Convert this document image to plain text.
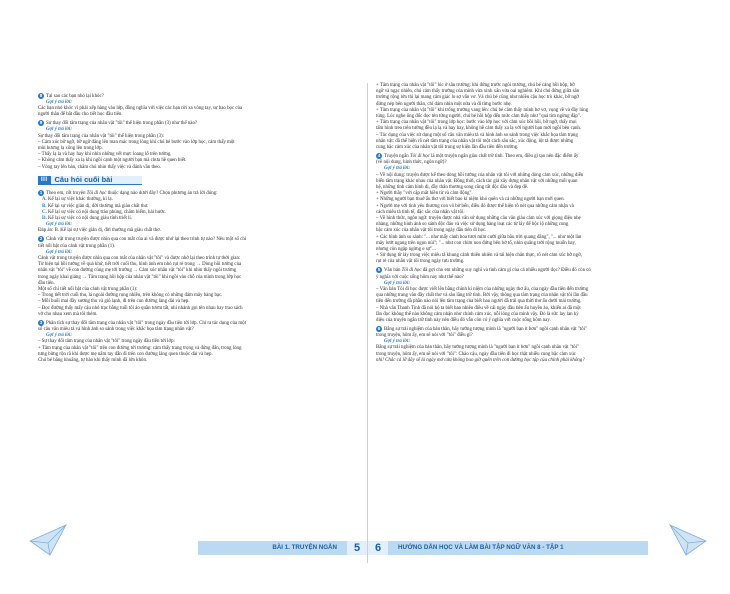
8 Tại sao các bạn nhỏ lại khóc?
Gợi ý trả lời:
Các bạn nhỏ khóc vì phải xếp hàng vào lớp, đồng nghĩa với việc các bạn rời xa vòng tay, sự bao bọc của
người thân để bắt đầu cho tiết học đầu tiên.
9 Sự thay đổi tâm trạng của nhân vật "tôi" thể hiện trong phần (3) như thế nào?
Gợi ý trả lời:
Sự thay đổi tâm trạng của nhân vật "tôi" thể hiện trong phần (3):
– Cảm xúc bỡ ngỡ, bỡ ngỡ đăng lên man mác trong lòng khi chú bé bước vào lớp học, cảm thấy một
mùi hương lạ xông lên trong lớp.
– Thấy lạ lạ và hay hay khi nhìn những vết mực loang lổ trên tường.
– Không cảm thấy xa lạ khi ngồi cạnh một người bạn mà chưa hề quen biết.
– Vòng tay lên bàn, chăm chú nhìn thấy việc và đánh vần theo.
III Câu hỏi cuối bài
1 Theo em, cốt truyện Tôi đi học thuộc dạng nào dưới đây? Chọn phương án trả lời đúng:
A. Kể lại sự việc khác thường, kì lạ.
B. Kể lại sự việc giản dị, đời thường mà giàu chất thơ.
C. Kể lại sự việc có nội dung trào phúng, châm biếm, hài hước.
D. Kể lại sự việc có nội dung giàu tính triết lí.
Gợi ý trả lời:
Đáp án: B. Kể lại sự việc giản dị, đời thường mà giàu chất thơ.
2 Cảnh vật trong truyện được nhìn qua con mắt của ai và được nhớ lại theo trình tự nào? Nêu một số chi
tiết nổi bật của cảnh vật trong phần (1).
Gợi ý trả lời:
Cảnh vật trong truyện được nhìn qua con mắt của nhân vật "tôi" và được nhớ lại theo trình tự thời gian:
Từ hiện tại hồi tưởng về quá khứ, tiết trời cuối thu, hình ảnh em nhỏ rụt rè trong → Dòng hồi tưởng của
nhân vật "tôi" về con đường cùng mẹ tới trường → Cảm xúc nhân vật "tôi" khi nhìn thấy ngôi trường
trong ngày khai giảng → Tâm trạng hồi hộp của nhân vật "tôi" khi ngồi vào chỗ của mình trong lớp học
đầu tiên.
Một số chi tiết nổi bật của cảnh vật trong phần (1):
– Trong tiết trời cuối thu, lá ngoài đường rụng nhiều, trên không có những đám mây bàng bạc.
– Mỗi buổi mai đầy sương thu và gió lạnh, đi trên con đường làng dài và hẹp.
– Đọc đường thấy mấy cậu nhỏ trạc bằng tuổi tôi áo quần tươm tất, nhí nhảnh gọi tên nhau hay trao sách
vở cho nhau xem mà tôi thèm.
3 Phân tích sự thay đổi tâm trạng của nhân vật "tôi" trong ngày đầu tiên tới lớp. Chỉ ra tác dụng của một
số câu văn miêu tả và hình ảnh so sánh trong việc khắc họa tâm trạng nhân vật?
Gợi ý trả lời:
– Sự thay đổi tâm trạng của nhân vật "tôi" trong ngày đầu tiên tới lớp:
+ Tâm trạng của nhân vật "tôi" trên con đường tới trường: cảm thấy trang trọng và đứng đắn, trong lòng
tưng bừng rộn rã khi được mẹ nắm tay dẫn đi trên con đường làng quen thuộc dài và hẹp.
Chú bé băng khuâng, tự hào khi thấy mình đã lớn khôn.
BÀI 1. TRUYỆN NGẮN	5
+ Tâm trạng của nhân vật "tôi" lúc ở sân trường: khi đứng trước ngôi trường, chú bé cảng hồi hộp, bỡ
ngỡ và ngạc nhiên, chú cảm thấy trường của mình vừa xinh xắn vừa oai nghiêm. Khi chú đứng giữa sân
trường rộng lớn thì lại mang cảm giác lo sợ vẩn vơ. Và chú bé cũng như nhiều cậu học trò khác, bỡ ngỡ
đứng nép bên người thân, chỉ dám nhìn một nửa và đi từng bước nhẹ.
+ Tâm trạng của nhân vật "tôi" khi trống trường vang lên: chú bé cảm thấy mình bơ vơ, vụng về và đầy lúng
túng. Lúc nghe ông đốc đọc tên từng người, chú bé hồi hộp đến mức cảm thấy như "quả tim ngừng đập".
+ Tâm trạng của nhân vật "tôi" trong lớp học: bước vào lớp học với cảm xúc bồi hồi, bỡ ngỡ, thấy mọi
tấm hình treo trên tường đều lạ lạ và hay hay, không hề cảm thấy xa lạ với người bạn mới ngồi bên cạnh.
– Tác dụng của việc sử dụng một số câu văn miêu tả và hình ảnh so sánh trong việc khắc họa tâm trạng
nhân vật: đã thể hiện rõ nét tâm trạng của nhân vật tôi một cách sâu sắc, xúc động, lột tả được những
cung bậc cảm xúc của nhân vật tôi trong sự kiện lần đầu tiên đến trường.
4 Truyện ngắn Tôi đi học là một truyện ngắn giàu chất trữ tình. Theo em, điều gì tạo nên đặc điểm ấy
(về nội dung, hình thức, ngôn ngữ)?
Gợi ý trả lời:
– Về nội dung: truyện được kể theo dòng hồi tưởng của nhân vật tôi với những dòng cảm xúc, những diễn
biến tâm trạng khác nhau của nhân vật. Đồng thời, cách tác giả xây dựng nhân vật với những mối quan
hệ, những tình cảm bình dị, đầy thân thương song cũng rất độc đáo và đẹp đẽ.
+ Người thầy "với cặp mắt hiền từ và cảm động".
+ Những người bạn thuở ấu thơ với biết bao kỉ niệm khó quên và cả những người bạn mới quen.
+ Người mẹ với tình yêu thương con vô bờ bến, điều đó được thể hiện rõ nét qua những cảm nhận và
cách miêu tả tinh tế, đặc sắc của nhân vật tôi.
– Về hình thức, ngôn ngữ: truyện được nhà văn sử dụng những câu văn giàu cảm xúc với giọng điệu nhẹ
nhàng, những hình ảnh so sánh độc đáo và việc sử dụng hàng loạt các từ láy để bộc lộ những cung
bậc cảm xúc của nhân vật tôi trong ngày đầu tiên đi học.
+ Các hình ảnh so sánh: "... như mấy cánh hoa tươi mỉm cười giữa bầu trời quang đãng", "... như một làn
mây lướt ngang trên ngọn núi"; "... như con chim non đứng bên bờ tổ, nhìn quãng trời rộng muốn bay,
nhưng còn ngập ngừng e sợ"...
+ Sử dụng từ láy trong việc miêu tả khung cảnh thiên nhiên và tái hiện chân thực, rõ nét cảm xúc bỡ ngỡ,
rụt rè của nhân vật tôi trong ngày tựu trường.
5 Văn bản Tôi đi học đã gợi cho em những suy nghĩ và tình cảm gì của cá nhiều người đọc? Điều đó còn có
ý nghĩa với cuộc sống hôm nay như thế nào?
Gợi ý trả lời:
– Văn bản Tôi đi học được viết lên bằng chính kí niệm của những ngày thơ ấu, của ngày đầu tiên đến trường
qua những trang văn đầy chất thơ và sâu lắng trữ tình. Bởi vậy, thông qua tâm trạng của nhân vật tôi lần đầu
tiên đến trường đã phần nào nói lên tâm trạng của biết bao người đã trải qua thời thơ ấu dưới mái trường.
– Nhà văn Thanh Tịnh đã nói hộ ta biết bao nhiêu điều về cái ngày đầu tiên ấu huyền ảo, khiến ai đã một
lần đọc không thể nào không cảm nhận như chính cảm xúc, nỗi lòng của mình vậy. Đó là sức lay lan kỳ
diệu của truyện ngắn trữ tình này nên điều đó vẫn còn có ý nghĩa với cuộc sống hôm nay.
6 Bằng sự trải nghiệm của bản thân, hãy tưởng tượng mình là "người bạn ít bơn" ngồi cạnh nhân vật "tôi"
trong truyện, hôm ấy, em sẽ nói với "tôi" điều gì?
Gợi ý trả lời:
Bằng sự trải nghiệm của bản thân, hãy tưởng tượng mình là "người bạn ít bơn" ngồi cạnh nhân vật "tôi"
trong truyện, hôm ấy, em sẽ nói với "tôi": Chào cậu, ngày đầu tiên đi học thật nhiều cung bậc cảm xúc
nhỉ! Chắc cả lỡ đây sẽ là ngày mở cửa không bao giờ quên trên con đường học tập của chính phải không?
6	HƯỚNG DẪN HỌC VÀ LÀM BÀI TẬP NGỮ VĂN 8 - TẬP 1
